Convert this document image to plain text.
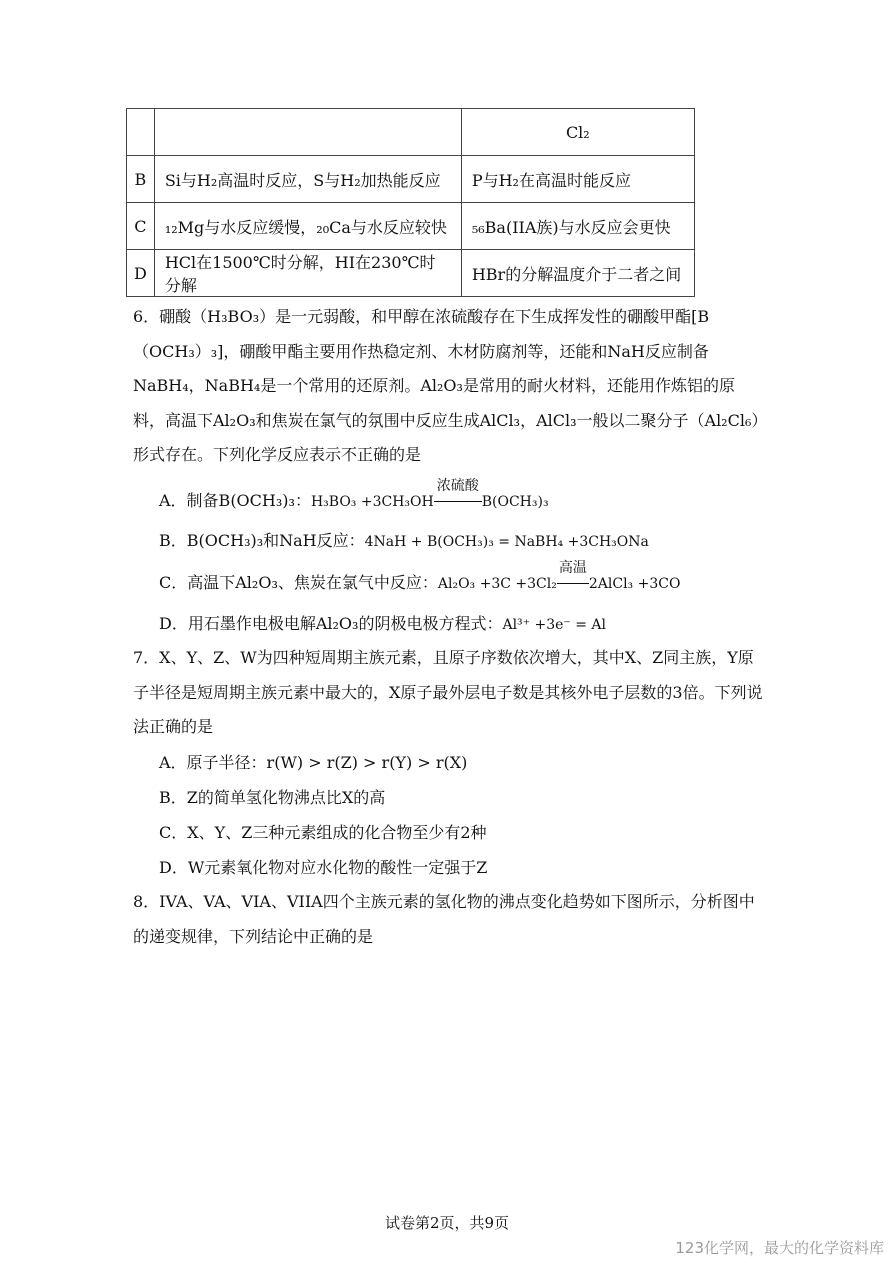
		Cl₂
B	Si与H₂高温时反应，S与H₂加热能反应	P与H₂在高温时能反应
C	₁₂Mg与水反应缓慢，₂₀Ca与水反应较快	₅₆Ba(IIA族)与水反应会更快
D	HCl在1500℃时分解，HI在230℃时分解	HBr的分解温度介于二者之间

6．硼酸（H₃BO₃）是一元弱酸，和甲醇在浓硫酸存在下生成挥发性的硼酸甲酯[B（OCH₃）₃]，硼酸甲酯主要用作热稳定剂、木材防腐剂等，还能和NaH反应制备NaBH₄，NaBH₄是一个常用的还原剂。Al₂O₃是常用的耐火材料，还能用作炼铝的原料，高温下Al₂O₃和焦炭在氯气的氛围中反应生成AlCl₃，AlCl₃一般以二聚分子（Al₂Cl₆）形式存在。下列化学反应表示不正确的是

A．制备B(OCH₃)₃：H₃BO₃ +3CH₃OH
浓硫酸
B(OCH₃)₃

B．B(OCH₃)₃和NaH反应：4NaH + B(OCH₃)₃ = NaBH₄ +3CH₃ONa

C．高温下Al₂O₃、焦炭在氯气中反应：Al₂O₃ +3C +3Cl₂
高温
2AlCl₃ +3CO

D．用石墨作电极电解Al₂O₃的阴极电极方程式：Al³⁺ +3e⁻ = Al

7．X、Y、Z、W为四种短周期主族元素，且原子序数依次增大，其中X、Z同主族，Y原子半径是短周期主族元素中最大的，X原子最外层电子数是其核外电子层数的3倍。下列说法正确的是

A．原子半径：r(W) > r(Z) > r(Y) > r(X)

B．Z的简单氢化物沸点比X的高

C．X、Y、Z三种元素组成的化合物至少有2种

D．W元素氧化物对应水化物的酸性一定强于Z

8．IVA、VA、VIA、VIIA四个主族元素的氢化物的沸点变化趋势如下图所示，分析图中的递变规律，下列结论中正确的是

试卷第2页，共9页
123化学网，最大的化学资料库
